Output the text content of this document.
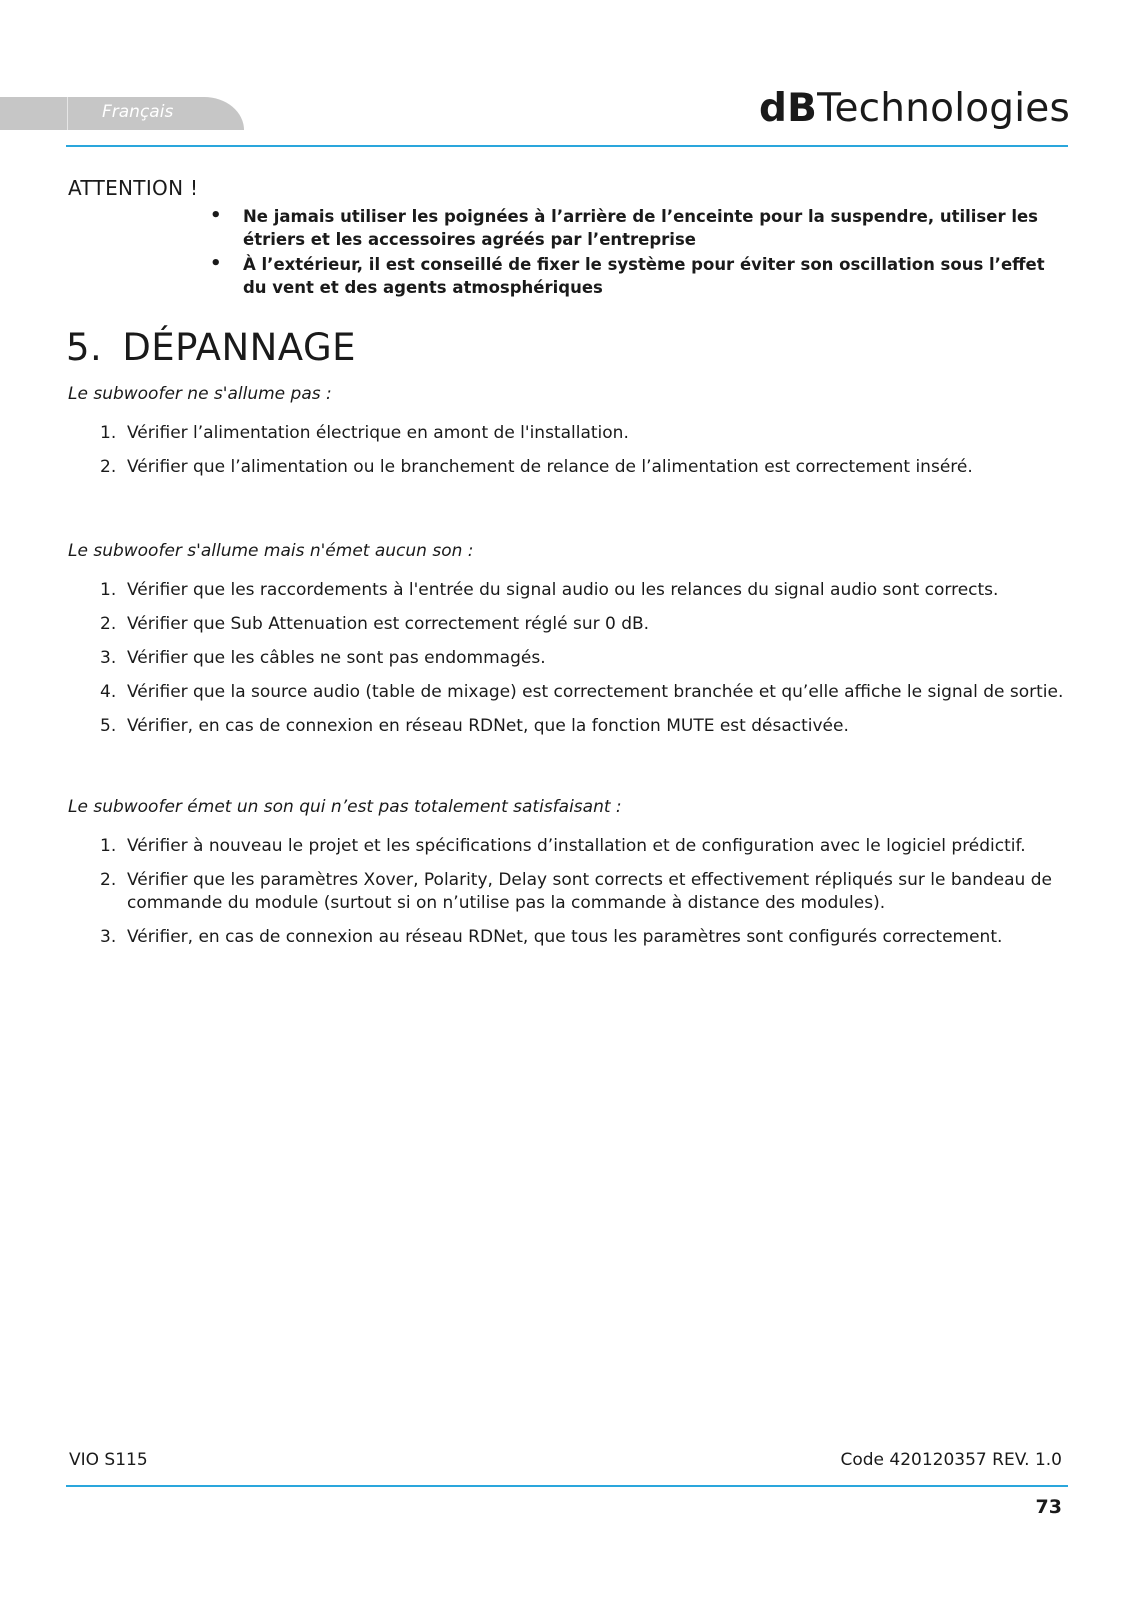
Français	dBTechnologies
ATTENTION !
• Ne jamais utiliser les poignées à l’arrière de l’enceinte pour la suspendre, utiliser les étriers et les accessoires agréés par l’entreprise
• À l’extérieur, il est conseillé de fixer le système pour éviter son oscillation sous l’effet du vent et des agents atmosphériques
5. DÉPANNAGE
Le subwoofer ne s'allume pas :
1. Vérifier l’alimentation électrique en amont de l'installation.
2. Vérifier que l’alimentation ou le branchement de relance de l’alimentation est correctement inséré.
Le subwoofer s'allume mais n'émet aucun son :
1. Vérifier que les raccordements à l'entrée du signal audio ou les relances du signal audio sont corrects.
2. Vérifier que Sub Attenuation est correctement réglé sur 0 dB.
3. Vérifier que les câbles ne sont pas endommagés.
4. Vérifier que la source audio (table de mixage) est correctement branchée et qu’elle affiche le signal de sortie.
5. Vérifier, en cas de connexion en réseau RDNet, que la fonction MUTE est désactivée.
Le subwoofer émet un son qui n’est pas totalement satisfaisant :
1. Vérifier à nouveau le projet et les spécifications d’installation et de configuration avec le logiciel prédictif.
2. Vérifier que les paramètres Xover, Polarity, Delay sont corrects et effectivement répliqués sur le bandeau de commande du module (surtout si on n’utilise pas la commande à distance des modules).
3. Vérifier, en cas de connexion au réseau RDNet, que tous les paramètres sont configurés correctement.
VIO S115	Code 420120357 REV. 1.0
73
